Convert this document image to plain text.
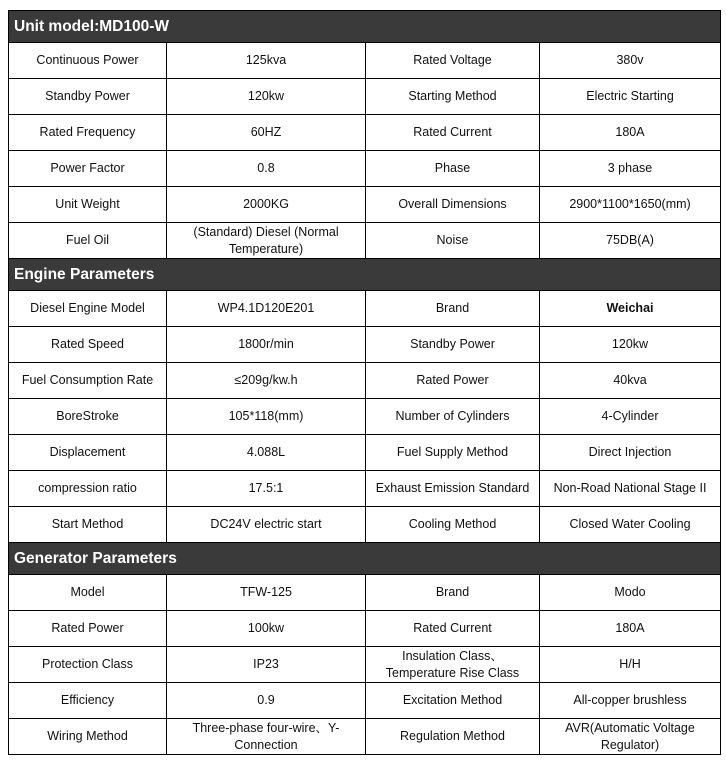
Unit model:MD100-W			
Continuous Power	125kva	Rated Voltage	380v
Standby Power	120kw	Starting Method	Electric Starting
Rated Frequency	60HZ	Rated Current	180A
Power Factor	0.8	Phase	3 phase
Unit Weight	2000KG	Overall Dimensions	2900*1100*1650(mm)
Fuel Oil	(Standard) Diesel (Normal Temperature)	Noise	75DB(A)
Engine Parameters			
Diesel Engine Model	WP4.1D120E201	Brand	Weichai
Rated Speed	1800r/min	Standby Power	120kw
Fuel Consumption Rate	≤209g/kw.h	Rated Power	40kva
BoreStroke	105*118(mm)	Number of Cylinders	4-Cylinder
Displacement	4.088L	Fuel Supply Method	Direct Injection
compression ratio	17.5:1	Exhaust Emission Standard	Non-Road National Stage II
Start Method	DC24V electric start	Cooling Method	Closed Water Cooling
Generator Parameters			
Model	TFW-125	Brand	Modo
Rated Power	100kw	Rated Current	180A
Protection Class	IP23	Insulation Class、Temperature Rise Class	H/H
Efficiency	0.9	Excitation Method	All-copper brushless
Wiring Method	Three-phase four-wire、Y-Connection	Regulation Method	AVR(Automatic Voltage Regulator)
